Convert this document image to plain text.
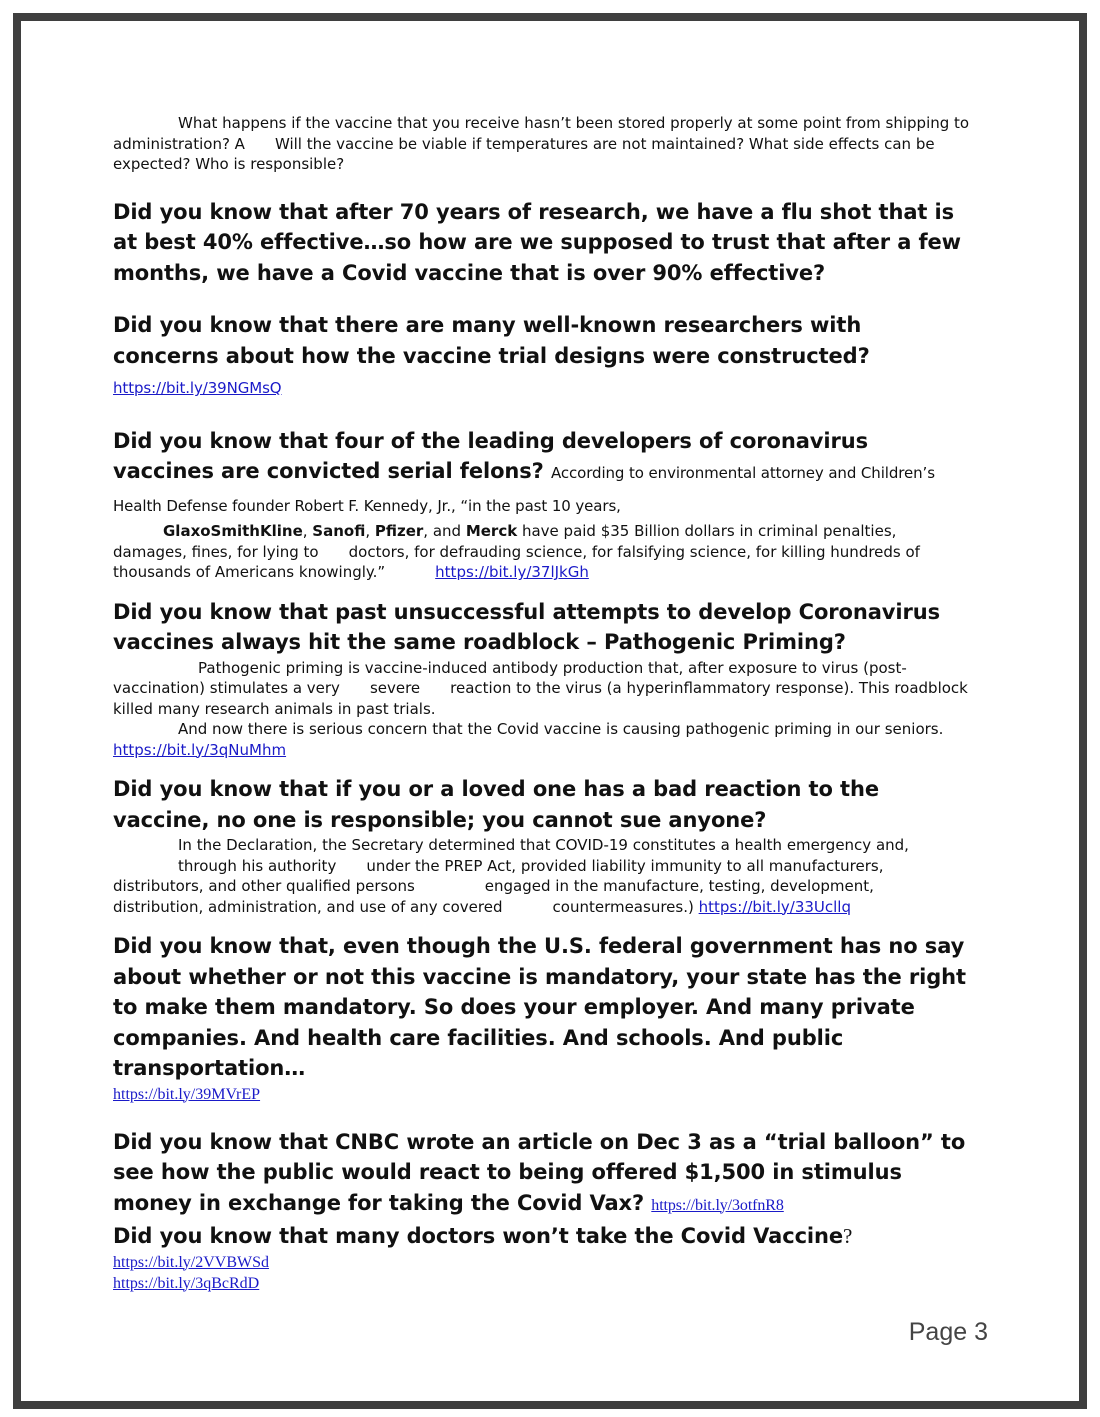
What happens if the vaccine that you receive hasn’t been stored properly at some point from shipping to administration? A Will the vaccine be viable if temperatures are not maintained? What side effects can be expected? Who is responsible?

Did you know that after 70 years of research, we have a flu shot that is at best 40% effective…so how are we supposed to trust that after a few months, we have a Covid vaccine that is over 90% effective?

Did you know that there are many well-known researchers with concerns about how the vaccine trial designs were constructed? https://bit.ly/39NGMsQ

Did you know that four of the leading developers of coronavirus vaccines are convicted serial felons? According to environmental attorney and Children’s Health Defense founder Robert F. Kennedy, Jr., “in the past 10 years,

GlaxoSmithKline, Sanofi, Pfizer, and Merck have paid $35 Billion dollars in criminal penalties, damages, fines, for lying to doctors, for defrauding science, for falsifying science, for killing hundreds of thousands of Americans knowingly.”	https://bit.ly/37lJkGh

Did you know that past unsuccessful attempts to develop Coronavirus vaccines always hit the same roadblock – Pathogenic Priming?

Pathogenic priming is vaccine-induced antibody production that, after exposure to virus (post-vaccination) stimulates a very severe reaction to the virus (a hyperinflammatory response). This roadblock killed many research animals in past trials.

And now there is serious concern that the Covid vaccine is causing pathogenic priming in our seniors. https://bit.ly/3qNuMhm

Did you know that if you or a loved one has a bad reaction to the vaccine, no one is responsible; you cannot sue anyone?

In the Declaration, the Secretary determined that COVID-19 constitutes a health emergency and,

through his authority under the PREP Act, provided liability immunity to all manufacturers,

distributors, and other qualified persons	engaged in the manufacture, testing, development,

distribution, administration, and use of any covered	countermeasures.) https://bit.ly/33Ucllq

Did you know that, even though the U.S. federal government has no say about whether or not this vaccine is mandatory, your state has the right to make them mandatory. So does your employer. And many private companies. And health care facilities. And schools. And public transportation…

https://bit.ly/39MVrEP

Did you know that CNBC wrote an article on Dec 3 as a “trial balloon” to see how the public would react to being offered $1,500 in stimulus money in exchange for taking the Covid Vax? https://bit.ly/3otfnR8

Did you know that many doctors won’t take the Covid Vaccine?

https://bit.ly/2VVBWSd

https://bit.ly/3qBcRdD

Page 3
